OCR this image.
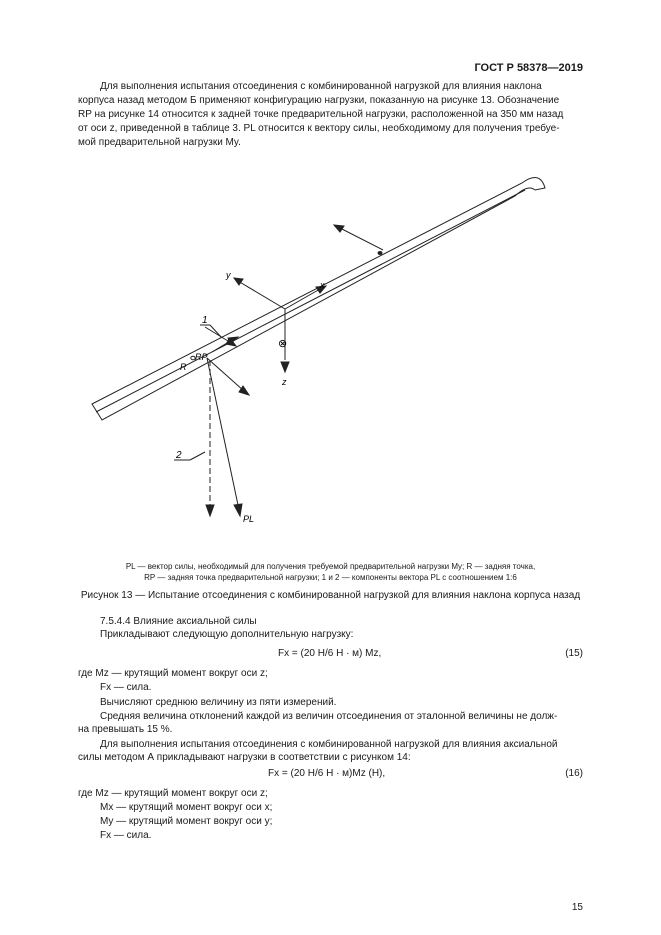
ГОСТ Р 58378—2019
Для выполнения испытания отсоединения с комбинированной нагрузкой для влияния наклона
корпуса назад методом Б применяют конфигурацию нагрузки, показанную на рисунке 13. Обозначение
RP на рисунке 14 относится к задней точке предварительной нагрузки, расположенной на 350 мм назад
от оси z, приведенной в таблице 3. PL относится к вектору силы, необходимому для получения требуе-
мой предварительной нагрузки My.
y
x
z
⊗
R
RP
1
2
PL
PL — вектор силы, необходимый для получения требуемой предварительной нагрузки My; R — задняя точка,
RP — задняя точка предварительной нагрузки; 1 и 2 — компоненты вектора PL с соотношением 1:6
Рисунок 13 — Испытание отсоединения с комбинированной нагрузкой для влияния наклона корпуса назад
7.5.4.4 Влияние аксиальной силы
Прикладывают следующую дополнительную нагрузку:
Fx = (20 Н/6 Н · м) Mz,	(15)
где Mz — крутящий момент вокруг оси z;
Fx — сила.
Вычисляют среднюю величину из пяти измерений.
Средняя величина отклонений каждой из величин отсоединения от эталонной величины не долж-
на превышать 15 %.
Для выполнения испытания отсоединения с комбинированной нагрузкой для влияния аксиальной
силы методом А прикладывают нагрузки в соответствии с рисунком 14:
Fx = (20 Н/6 Н · м)Mz (Н),	(16)
где Mz — крутящий момент вокруг оси z;
Mx — крутящий момент вокруг оси x;
My — крутящий момент вокруг оси y;
Fx — сила.
15
